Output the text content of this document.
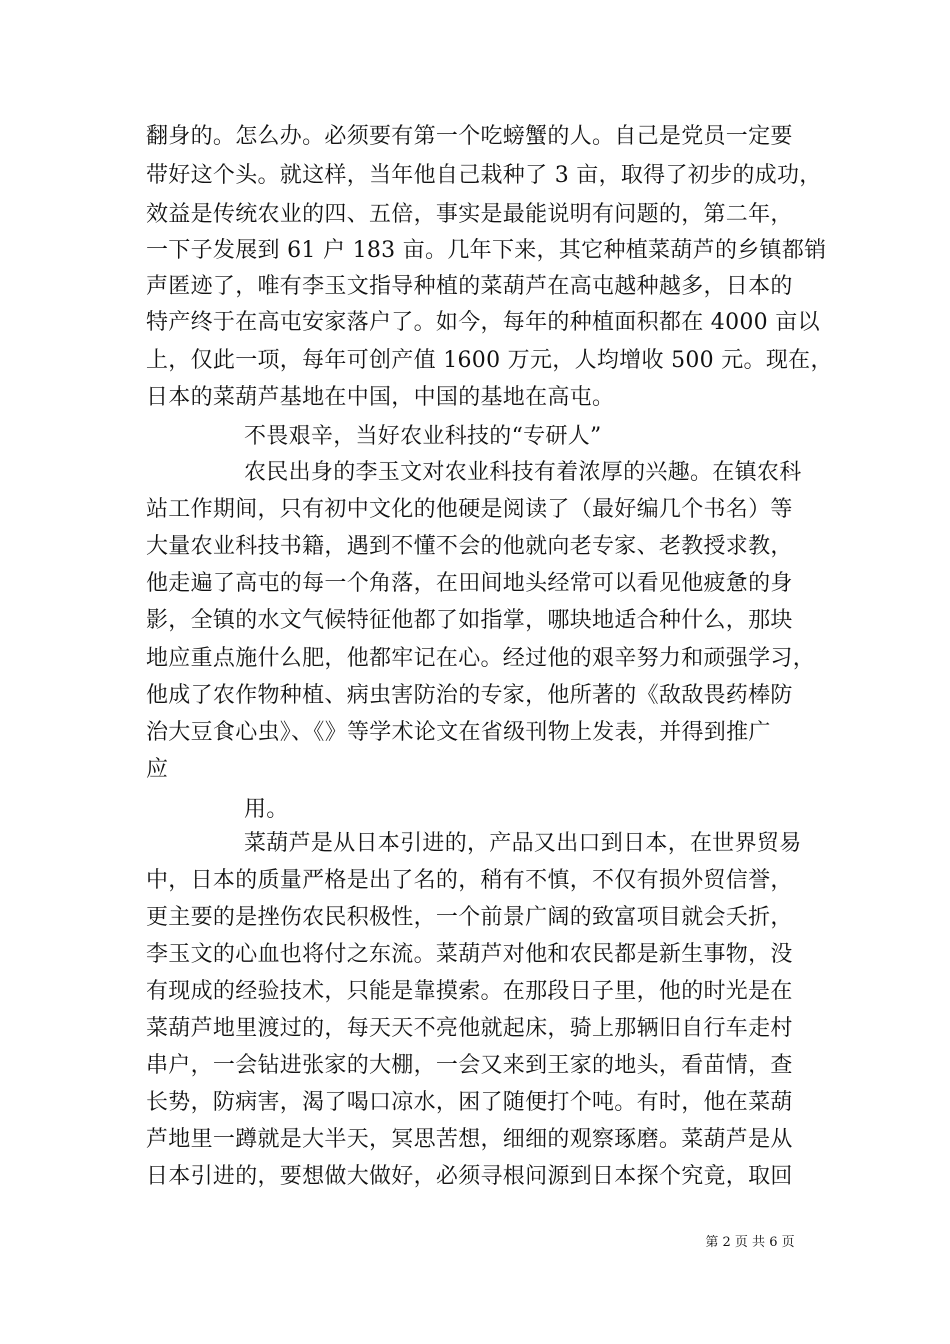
翻身的。怎么办。必须要有第一个吃螃蟹的人。自己是党员一定要
带好这个头。就这样，当年他自己栽种了 3 亩，取得了初步的成功，
效益是传统农业的四、五倍，事实是最能说明有问题的，第二年，
一下子发展到 61 户 183 亩。几年下来，其它种植菜葫芦的乡镇都销
声匿迹了，唯有李玉文指导种植的菜葫芦在高屯越种越多，日本的
特产终于在高屯安家落户了。如今，每年的种植面积都在 4000 亩以
上，仅此一项，每年可创产值 1600 万元，人均增收 500 元。现在，
日本的菜葫芦基地在中国，中国的基地在高屯。
不畏艰辛，当好农业科技的“专研人”
农民出身的李玉文对农业科技有着浓厚的兴趣。在镇农科
站工作期间，只有初中文化的他硬是阅读了（最好编几个书名）等
大量农业科技书籍，遇到不懂不会的他就向老专家、老教授求教，
他走遍了高屯的每一个角落，在田间地头经常可以看见他疲惫的身
影，全镇的水文气候特征他都了如指掌，哪块地适合种什么，那块
地应重点施什么肥，他都牢记在心。经过他的艰辛努力和顽强学习，
他成了农作物种植、病虫害防治的专家，他所著的《敌敌畏药棒防
治大豆食心虫》、《》等学术论文在省级刊物上发表，并得到推广
应
用。
菜葫芦是从日本引进的，产品又出口到日本，在世界贸易
中，日本的质量严格是出了名的，稍有不慎，不仅有损外贸信誉，
更主要的是挫伤农民积极性，一个前景广阔的致富项目就会夭折，
李玉文的心血也将付之东流。菜葫芦对他和农民都是新生事物，没
有现成的经验技术，只能是靠摸索。在那段日子里，他的时光是在
菜葫芦地里渡过的，每天天不亮他就起床，骑上那辆旧自行车走村
串户，一会钻进张家的大棚，一会又来到王家的地头，看苗情，查
长势，防病害，渴了喝口凉水，困了随便打个吨。有时，他在菜葫
芦地里一蹲就是大半天，冥思苦想，细细的观察琢磨。菜葫芦是从
日本引进的，要想做大做好，必须寻根问源到日本探个究竟，取回
第 2 页 共 6 页
